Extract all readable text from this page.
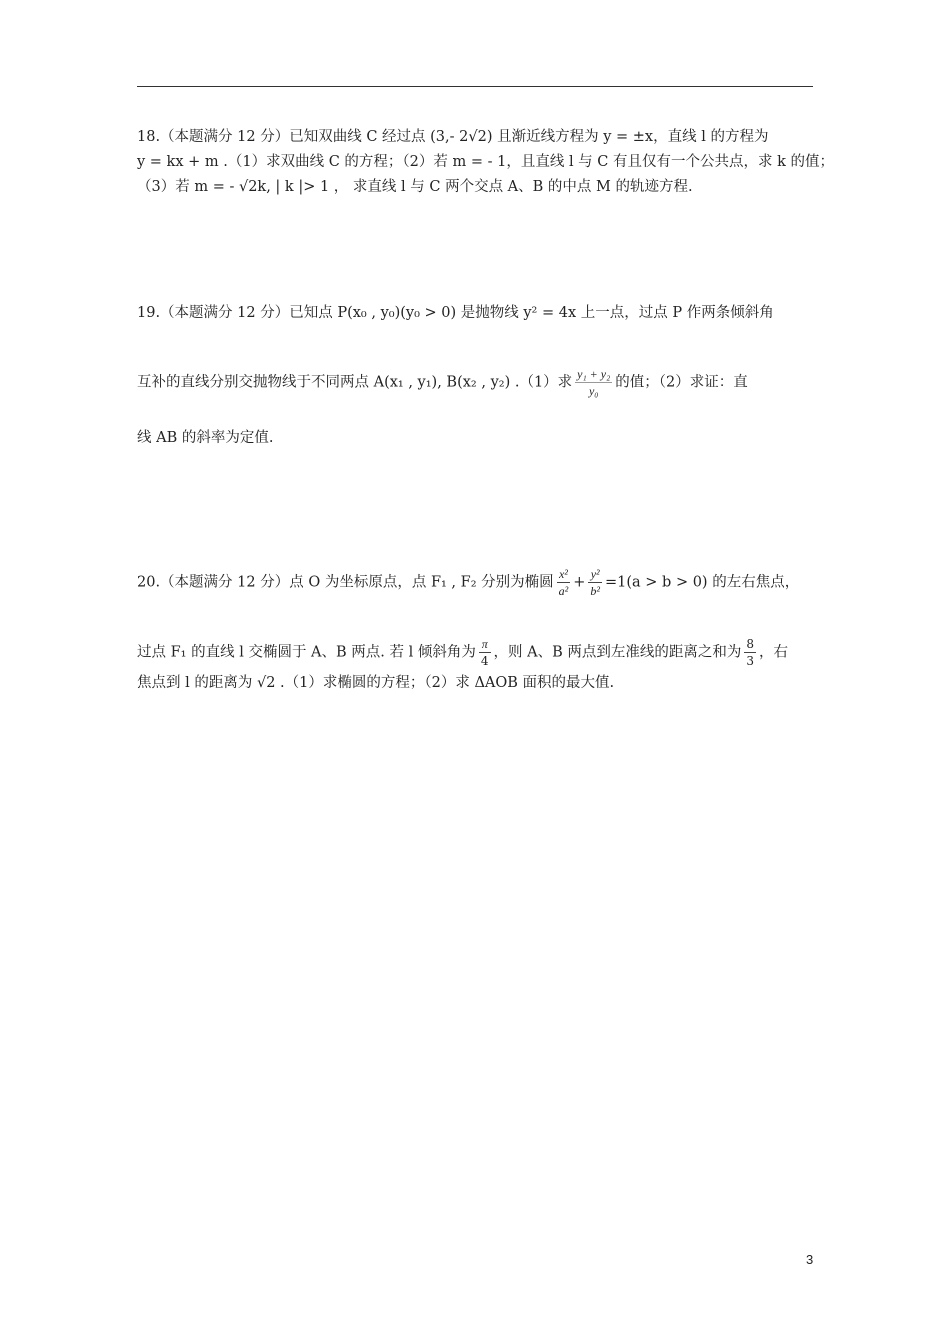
18.（本题满分 12 分）已知双曲线 C 经过点 (3,- 2√2) 且渐近线方程为 y = ±x，直线 l 的方程为
y = kx + m .（1）求双曲线 C 的方程；（2）若 m = - 1，且直线 l 与 C 有且仅有一个公共点，求 k 的值；
（3）若 m = - √2k, | k |> 1 ， 求直线 l 与 C 两个交点 A、B 的中点 M 的轨迹方程.
19.（本题满分 12 分）已知点 P(x₀ , y₀)(y₀ > 0) 是抛物线 y² = 4x 上一点，过点 P 作两条倾斜角
互补的直线分别交抛物线于不同两点 A(x₁ , y₁), B(x₂ , y₂) .（1）求 $\frac{\text{y₁ + y₂}}{\text{y₀}}$ 的值；（2）求证：直
线 AB 的斜率为定值.
20.（本题满分 12 分）点 O 为坐标原点，点 F₁ , F₂ 分别为椭圆 $\frac{\text{x²}}{\text{a²}} + \frac{\text{y²}}{\text{b²}} =1(a > b > 0)$ 的左右焦点，
过点 F₁ 的直线 l 交椭圆于 A、B 两点. 若 l 倾斜角为 $\frac{\pi}{4}$ ，则 A、B 两点到左准线的距离之和为 $\frac{8}{3}$ ，右
焦点到 l 的距离为 √2 .（1）求椭圆的方程；（2）求 ΔAOB 面积的最大值.
3
